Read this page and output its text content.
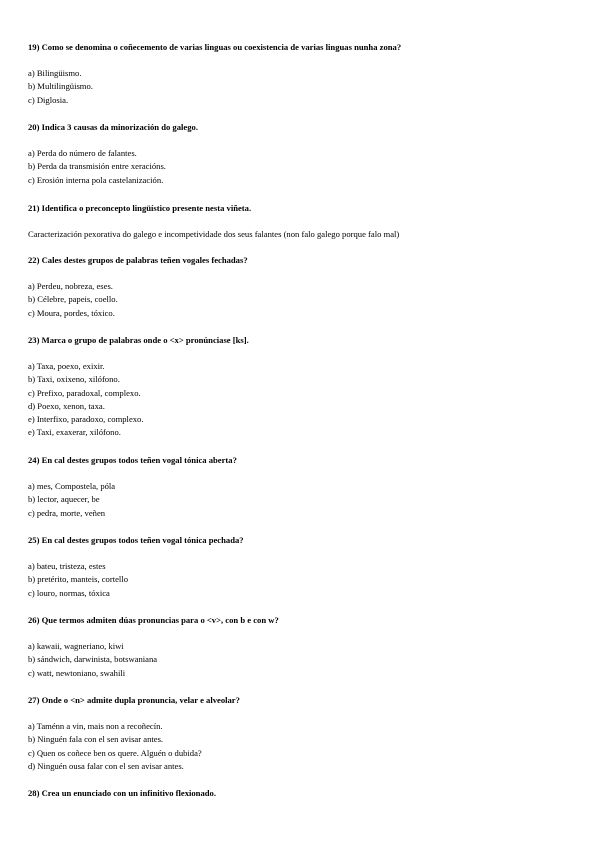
19) Como se denomina o coñecemento de varias linguas ou coexistencia de varias linguas nunha zona?
a) Bilingüismo.
b) Multilingüismo.
c) Diglosia.
20) Indica 3 causas da minorización do galego.
a) Perda do número de falantes.
b) Perda da transmisión entre xeracións.
c) Erosión interna pola castelanización.
21) Identifica o preconcepto lingüístico presente nesta viñeta.
Caracterización pexorativa do galego e incompetividade dos seus falantes (non falo galego porque falo mal)
22) Cales destes grupos de palabras teñen vogales fechadas?
a) Perdeu, nobreza, eses.
b) Célebre, papeis, coello.
c) Moura, pordes, tóxico.
23) Marca o grupo de palabras onde o <x> pronúnciase [ks].
a) Taxa, poexo, exixir.
b) Taxi, oxixeno, xilófono.
c) Prefixo, paradoxal, complexo.
d) Poexo, xenon, taxa.
e) Interfixo, paradoxo, complexo.
e) Taxi, exaxerar, xilófono.
24) En cal destes grupos todos teñen vogal tónica aberta?
a) mes, Compostela, póla
b) lector, aquecer, be
c) pedra, morte, veñen
25) En cal destes grupos todos teñen vogal tónica pechada?
a) bateu, tristeza, estes
b) pretérito, manteis, cortello
c) louro, normas, tóxica
26) Que termos admiten dúas pronuncias para o <v>, con b e con w?
a) kawaii, wagneriano, kiwi
b) sándwich, darwinista, botswaniana
c) watt, newtoniano, swahili
27) Onde o <n> admite dupla pronuncia, velar e alveolar?
a) Taménn a vin, mais non a recoñecín.
b) Ninguén fala con el sen avisar antes.
c) Quen os coñece ben os quere. Alguén o dubida?
d) Ninguén ousa falar con el sen avisar antes.
28) Crea un enunciado con un infinitivo flexionado.
